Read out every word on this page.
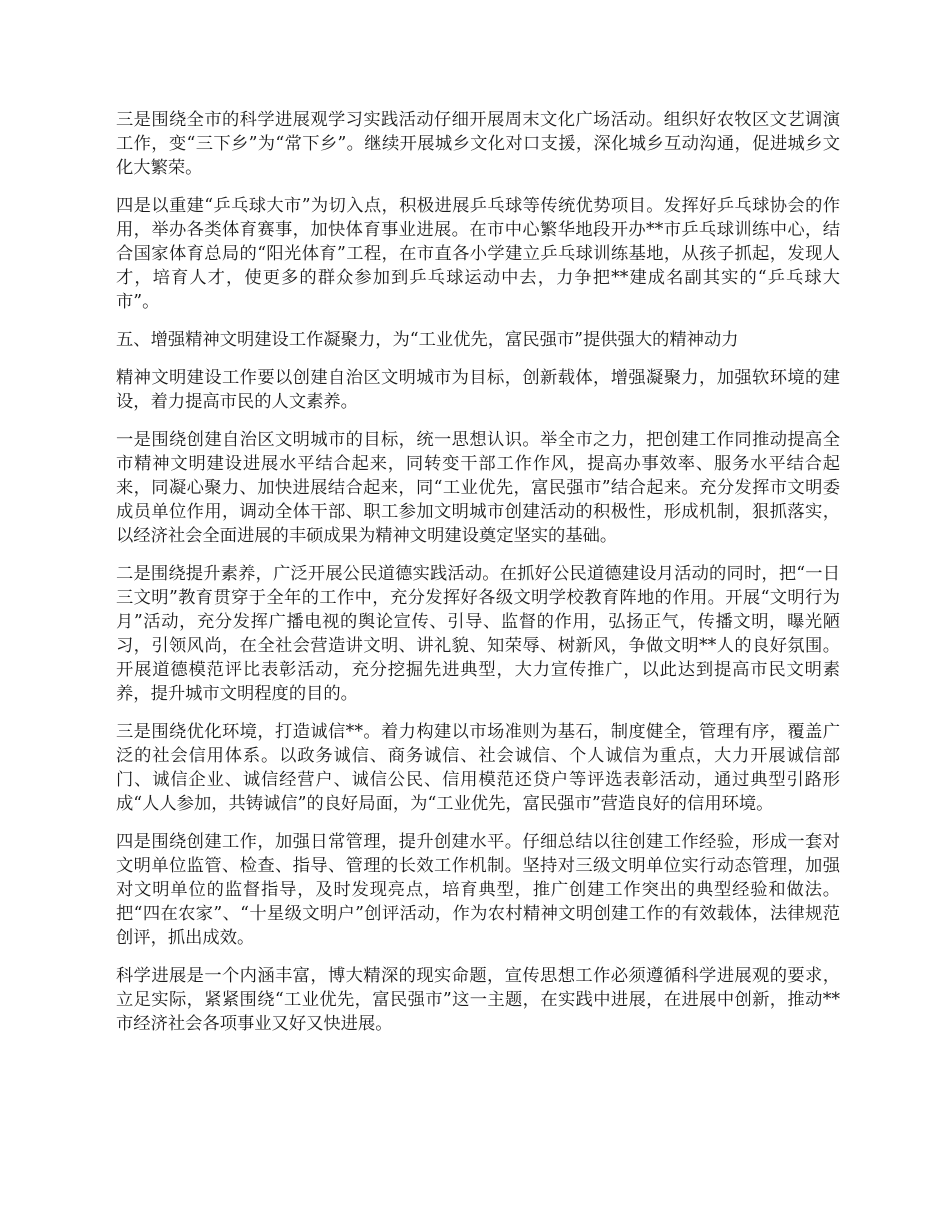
三是围绕全市的科学进展观学习实践活动仔细开展周末文化广场活动。组织好农牧区文艺调演工作，变“三下乡”为“常下乡”。继续开展城乡文化对口支援，深化城乡互动沟通，促进城乡文化大繁荣。

四是以重建“乒乓球大市”为切入点，积极进展乒乓球等传统优势项目。发挥好乒乓球协会的作用，举办各类体育赛事，加快体育事业进展。在市中心繁华地段开办**市乒乓球训练中心，结合国家体育总局的“阳光体育”工程，在市直各小学建立乒乓球训练基地，从孩子抓起，发现人才，培育人才，使更多的群众参加到乒乓球运动中去，力争把**建成名副其实的“乒乓球大市”。

五、增强精神文明建设工作凝聚力，为“工业优先，富民强市”提供强大的精神动力

精神文明建设工作要以创建自治区文明城市为目标，创新载体，增强凝聚力，加强软环境的建设，着力提高市民的人文素养。

一是围绕创建自治区文明城市的目标，统一思想认识。举全市之力，把创建工作同推动提高全市精神文明建设进展水平结合起来，同转变干部工作作风，提高办事效率、服务水平结合起来，同凝心聚力、加快进展结合起来，同“工业优先，富民强市”结合起来。充分发挥市文明委成员单位作用，调动全体干部、职工参加文明城市创建活动的积极性，形成机制，狠抓落实，以经济社会全面进展的丰硕成果为精神文明建设奠定坚实的基础。

二是围绕提升素养，广泛开展公民道德实践活动。在抓好公民道德建设月活动的同时，把“一日三文明”教育贯穿于全年的工作中，充分发挥好各级文明学校教育阵地的作用。开展“文明行为月”活动，充分发挥广播电视的舆论宣传、引导、监督的作用，弘扬正气，传播文明，曝光陋习，引领风尚，在全社会营造讲文明、讲礼貌、知荣辱、树新风，争做文明**人的良好氛围。开展道德模范评比表彰活动，充分挖掘先进典型，大力宣传推广，以此达到提高市民文明素养，提升城市文明程度的目的。

三是围绕优化环境，打造诚信**。着力构建以市场准则为基石，制度健全，管理有序，覆盖广泛的社会信用体系。以政务诚信、商务诚信、社会诚信、个人诚信为重点，大力开展诚信部门、诚信企业、诚信经营户、诚信公民、信用模范还贷户等评选表彰活动，通过典型引路形成“人人参加，共铸诚信”的良好局面，为“工业优先，富民强市”营造良好的信用环境。

四是围绕创建工作，加强日常管理，提升创建水平。仔细总结以往创建工作经验，形成一套对文明单位监管、检查、指导、管理的长效工作机制。坚持对三级文明单位实行动态管理，加强对文明单位的监督指导，及时发现亮点，培育典型，推广创建工作突出的典型经验和做法。把“四在农家”、“十星级文明户”创评活动，作为农村精神文明创建工作的有效载体，法律规范创评，抓出成效。

科学进展是一个内涵丰富，博大精深的现实命题，宣传思想工作必须遵循科学进展观的要求，立足实际，紧紧围绕“工业优先，富民强市”这一主题，在实践中进展，在进展中创新，推动**市经济社会各项事业又好又快进展。
